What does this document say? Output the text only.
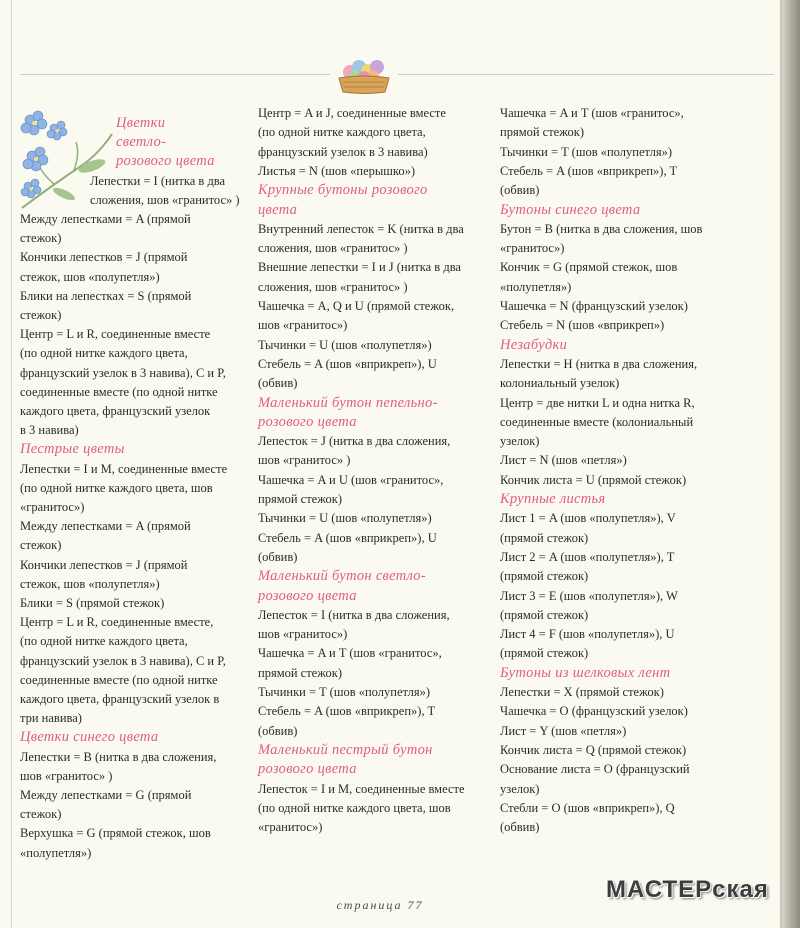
Цветки
светло-
розового цвета
Лепестки = I (нитка в два
сложения, шов «гранитос» )
Между лепестками = A (прямой
стежок)
Кончики лепестков = J (прямой
стежок, шов «полупетля»)
Блики на лепестках = S (прямой
стежок)
Центр = L и R, соединенные вместе
(по одной нитке каждого цвета,
французский узелок в 3 навива), С и P,
соединенные вместе (по одной нитке
каждого цвета, французский узелок
в 3 навива)
Пестрые цветы
Лепестки = I и M, соединенные вместе
(по одной нитке каждого цвета, шов
«гранитос»)
Между лепестками = A (прямой
стежок)
Кончики лепестков = J (прямой
стежок, шов «полупетля»)
Блики = S (прямой стежок)
Центр = L и R, соединенные вместе,
(по одной нитке каждого цвета,
французский узелок в 3 навива), C и P,
соединенные вместе (по одной нитке
каждого цвета, французский узелок в
три навива)
Цветки синего цвета
Лепестки = B (нитка в два сложения,
шов «гранитос» )
Между лепестками = G (прямой
стежок)
Верхушка = G (прямой стежок, шов
«полупетля»)
Центр = A и J, соединенные вместе
(по одной нитке каждого цвета,
французский узелок в 3 навива)
Листья = N (шов «перышко»)
Крупные бутоны розового
цвета
Внутренний лепесток = K (нитка в два
сложения, шов «гранитос» )
Внешние лепестки = I и J (нитка в два
сложения, шов «гранитос» )
Чашечка = A, Q и U (прямой стежок,
шов «гранитос»)
Тычинки = U (шов «полупетля»)
Стебель = A (шов «вприкреп»), U
(обвив)
Маленький бутон пепельно-
розового цвета
Лепесток = J (нитка в два сложения,
шов «гранитос» )
Чашечка = A и U (шов «гранитос»,
прямой стежок)
Тычинки = U (шов «полупетля»)
Стебель = A (шов «вприкреп»), U
(обвив)
Маленький бутон светло-
розового цвета
Лепесток = I (нитка в два сложения,
шов «гранитос»)
Чашечка = A и T (шов «гранитос»,
прямой стежок)
Тычинки = T (шов «полупетля»)
Стебель = A (шов «вприкреп»), T
(обвив)
Маленький пестрый бутон
розового цвета
Лепесток = I и M, соединенные вместе
(по одной нитке каждого цвета, шов
«гранитос»)
Чашечка = A и T (шов «гранитос»,
прямой стежок)
Тычинки = T (шов «полупетля»)
Стебель = A (шов «вприкреп»), T
(обвив)
Бутоны синего цвета
Бутон = B (нитка в два сложения, шов
«гранитос»)
Кончик = G (прямой стежок, шов
«полупетля»)
Чашечка = N (французский узелок)
Стебель = N (шов «вприкреп»)
Незабудки
Лепестки = H (нитка в два сложения,
колониальный узелок)
Центр = две нитки L и одна нитка R,
соединенные вместе (колониальный
узелок)
Лист = N (шов «петля»)
Кончик листа = U (прямой стежок)
Крупные листья
Лист 1 = A (шов «полупетля»), V
(прямой стежок)
Лист 2 = A (шов «полупетля»), T
(прямой стежок)
Лист 3 = E (шов «полупетля»), W
(прямой стежок)
Лист 4 = F (шов «полупетля»), U
(прямой стежок)
Бутоны из шелковых лент
Лепестки = X (прямой стежок)
Чашечка = O (французский узелок)
Лист = Y (шов «петля»)
Кончик листа = Q (прямой стежок)
Основание листа = O (французский
узелок)
Стебли = O (шов «вприкреп»), Q
(обвив)
страница 77
МАСТЕРская
